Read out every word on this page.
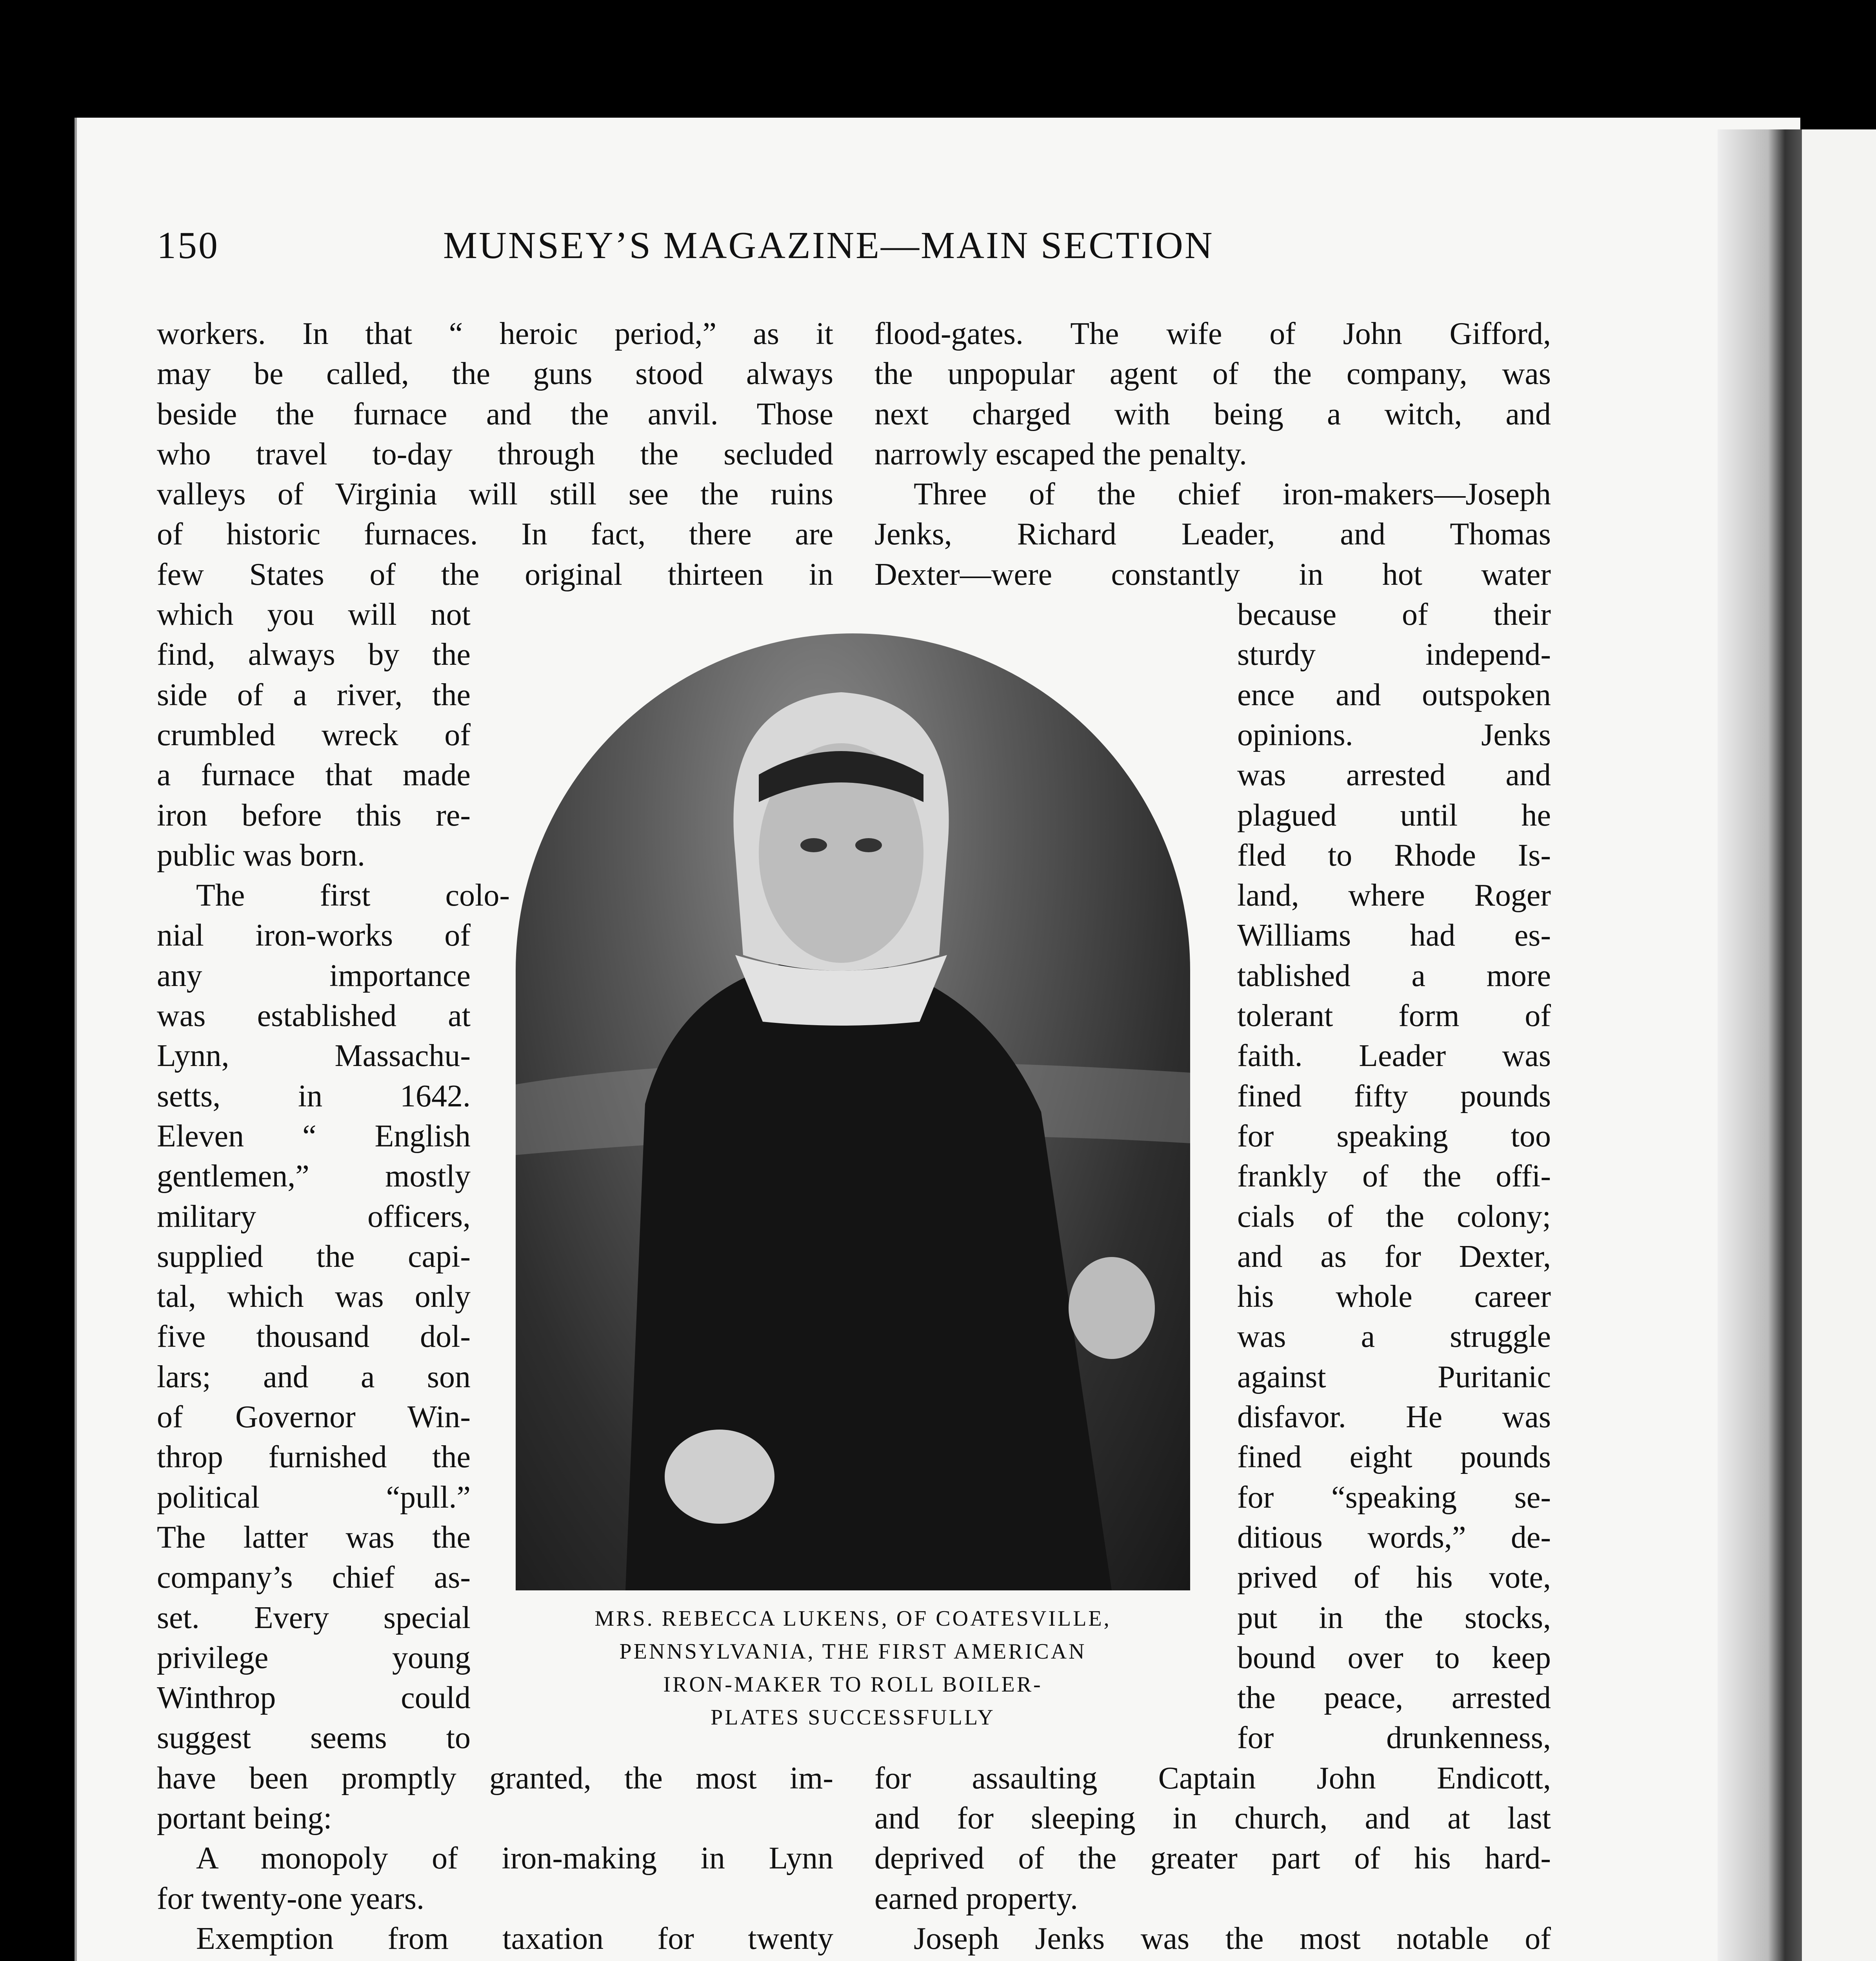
150	MUNSEY’S MAGAZINE—MAIN SECTION
workers. In that “ heroic period,” as it
may be called, the guns stood always
beside the furnace and the anvil. Those
who travel to-day through the secluded
valleys of Virginia will still see the ruins
of historic furnaces. In fact, there are
few States of the original thirteen in
which you will not
find, always by the
side of a river, the
crumbled wreck of
a furnace that made
iron before this re-
public was born.
The first colo-
nial iron-works of
any importance
was established at
Lynn, Massachu-
setts, in 1642.
Eleven “ English
gentlemen,” mostly
military officers,
supplied the capi-
tal, which was only
five thousand dol-
lars; and a son
of Governor Win-
throp furnished the
political “pull.”
The latter was the
company’s chief as-
set. Every special
privilege young
Winthrop could
suggest seems to
have been promptly granted, the most im-
portant being:
A monopoly of iron-making in Lynn
for twenty-one years.
Exemption from taxation for twenty
flood-gates. The wife of John Gifford,
the unpopular agent of the company, was
next charged with being a witch, and
narrowly escaped the penalty.
Three of the chief iron-makers—Joseph
Jenks, Richard Leader, and Thomas
Dexter—were constantly in hot water
because of their
sturdy independ-
ence and outspoken
opinions. Jenks
was arrested and
plagued until he
fled to Rhode Is-
land, where Roger
Williams had es-
tablished a more
tolerant form of
faith. Leader was
fined fifty pounds
for speaking too
frankly of the offi-
cials of the colony;
and as for Dexter,
his whole career
was a struggle
against Puritanic
disfavor. He was
fined eight pounds
for “speaking se-
ditious words,” de-
prived of his vote,
put in the stocks,
bound over to keep
the peace, arrested
for drunkenness,
for assaulting Captain John Endicott,
and for sleeping in church, and at last
deprived of the greater part of his hard-
earned property.
Joseph Jenks was the most notable of
MRS. REBECCA LUKENS, OF COATESVILLE,
PENNSYLVANIA, THE FIRST AMERICAN
IRON-MAKER TO ROLL BOILER-
PLATES SUCCESSFULLY
